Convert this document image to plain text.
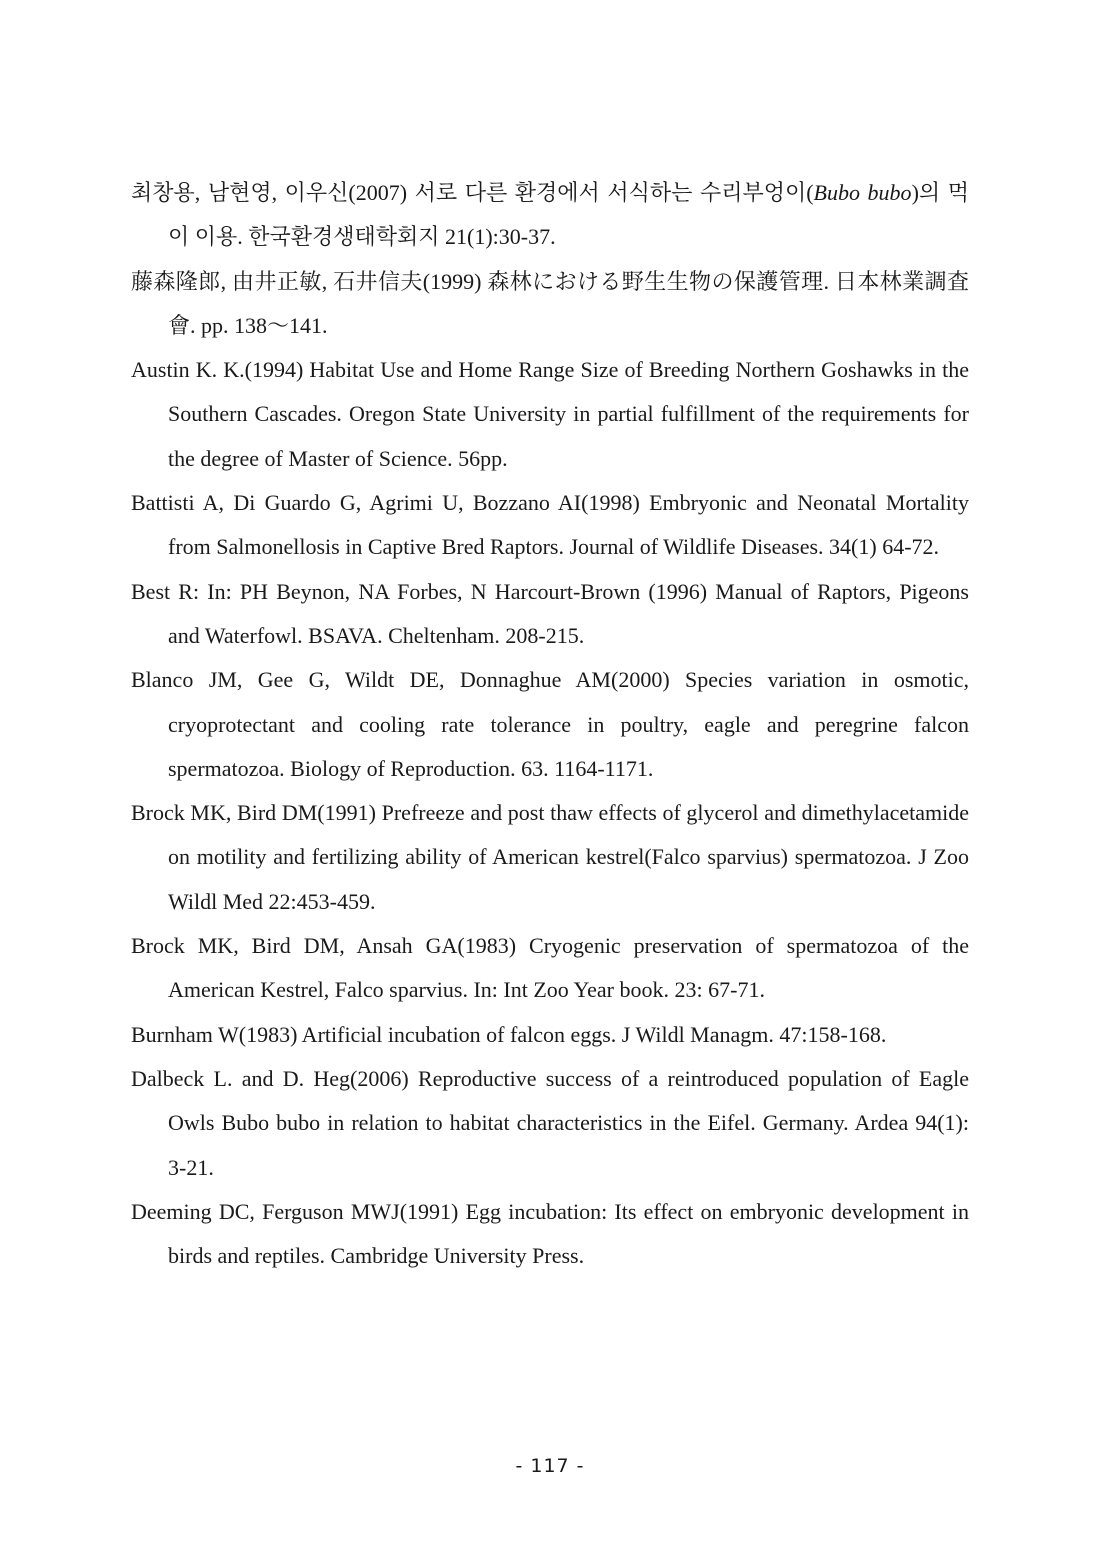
최창용, 남현영, 이우신(2007) 서로 다른 환경에서 서식하는 수리부엉이(Bubo bubo)의 먹이 이용. 한국환경생태학회지 21(1):30-37.
藤森隆郎, 由井正敏, 石井信夫(1999) 森林における野生生物の保護管理. 日本林業調査會. pp. 138～141.
Austin K. K.(1994) Habitat Use and Home Range Size of Breeding Northern Goshawks in the Southern Cascades. Oregon State University in partial fulfillment of the requirements for the degree of Master of Science. 56pp.
Battisti A, Di Guardo G, Agrimi U, Bozzano AI(1998) Embryonic and Neonatal Mortality from Salmonellosis in Captive Bred Raptors. Journal of Wildlife Diseases. 34(1) 64-72.
Best R: In: PH Beynon, NA Forbes, N Harcourt-Brown (1996) Manual of Raptors, Pigeons and Waterfowl. BSAVA. Cheltenham. 208-215.
Blanco JM, Gee G, Wildt DE, Donnaghue AM(2000) Species variation in osmotic, cryoprotectant and cooling rate tolerance in poultry, eagle and peregrine falcon spermatozoa. Biology of Reproduction. 63. 1164-1171.
Brock MK, Bird DM(1991) Prefreeze and post thaw effects of glycerol and dimethylacetamide on motility and fertilizing ability of American kestrel(Falco sparvius) spermatozoa. J Zoo Wildl Med 22:453-459.
Brock MK, Bird DM, Ansah GA(1983) Cryogenic preservation of spermatozoa of the American Kestrel, Falco sparvius. In: Int Zoo Year book. 23: 67-71.
Burnham W(1983) Artificial incubation of falcon eggs. J Wildl Managm. 47:158-168.
Dalbeck L. and D. Heg(2006) Reproductive success of a reintroduced population of Eagle Owls Bubo bubo in relation to habitat characteristics in the Eifel. Germany. Ardea 94(1): 3‐21.
Deeming DC, Ferguson MWJ(1991) Egg incubation: Its effect on embryonic development in birds and reptiles. Cambridge University Press.
- 117 -
